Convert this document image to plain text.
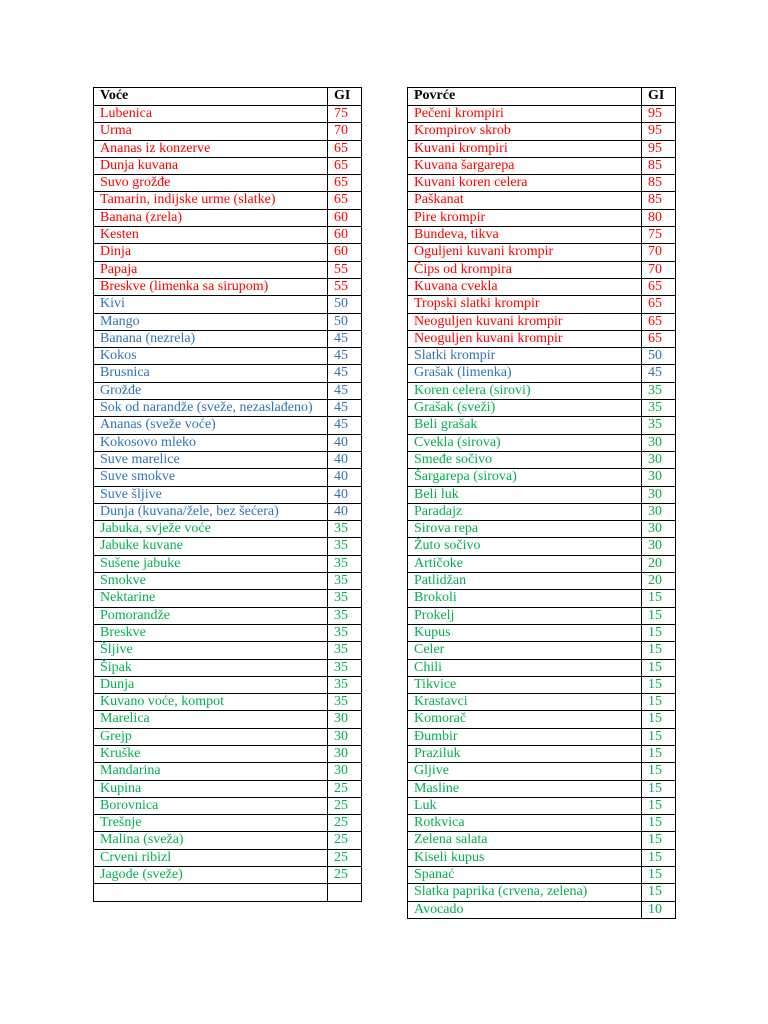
Voće	GI
Lubenica	75
Urma	70
Ananas iz konzerve	65
Dunja kuvana	65
Suvo grožđe	65
Tamarin, indijske urme (slatke)	65
Banana (zrela)	60
Kesten	60
Dinja	60
Papaja	55
Breskve (limenka sa sirupom)	55
Kivi	50
Mango	50
Banana (nezrela)	45
Kokos	45
Brusnica	45
Grožđe	45
Sok od narandže (sveže, nezaslađeno)	45
Ananas (sveže voće)	45
Kokosovo mleko	40
Suve marelice	40
Suve smokve	40
Suve šljive	40
Dunja (kuvana/žele, bez šećera)	40
Jabuka, svježe voće	35
Jabuke kuvane	35
Sušene jabuke	35
Smokve	35
Nektarine	35
Pomorandže	35
Breskve	35
Šljive	35
Šipak	35
Dunja	35
Kuvano voće, kompot	35
Marelica	30
Grejp	30
Kruške	30
Mandarina	30
Kupina	25
Borovnica	25
Trešnje	25
Malina (sveža)	25
Crveni ribizl	25
Jagode (sveže)	25

Povrće	GI
Pečeni krompiri	95
Krompirov skrob	95
Kuvani krompiri	95
Kuvana šargarepa	85
Kuvani koren celera	85
Paškanat	85
Pire krompir	80
Bundeva, tikva	75
Oguljeni kuvani krompir	70
Čips od krompira	70
Kuvana cvekla	65
Tropski slatki krompir	65
Neoguljen kuvani krompir	65
Neoguljen kuvani krompir	65
Slatki krompir	50
Grašak (limenka)	45
Koren celera (sirovi)	35
Grašak (sveži)	35
Beli grašak	35
Cvekla (sirova)	30
Smeđe sočivo	30
Šargarepa (sirova)	30
Beli luk	30
Paradajz	30
Sirova repa	30
Žuto sočivo	30
Artičoke	20
Patlidžan	20
Brokoli	15
Prokelj	15
Kupus	15
Celer	15
Chili	15
Tikvice	15
Krastavci	15
Komorač	15
Đumbir	15
Praziluk	15
Gljive	15
Masline	15
Luk	15
Rotkvica	15
Zelena salata	15
Kiseli kupus	15
Spanać	15
Slatka paprika (crvena, zelena)	15
Avocado	10
